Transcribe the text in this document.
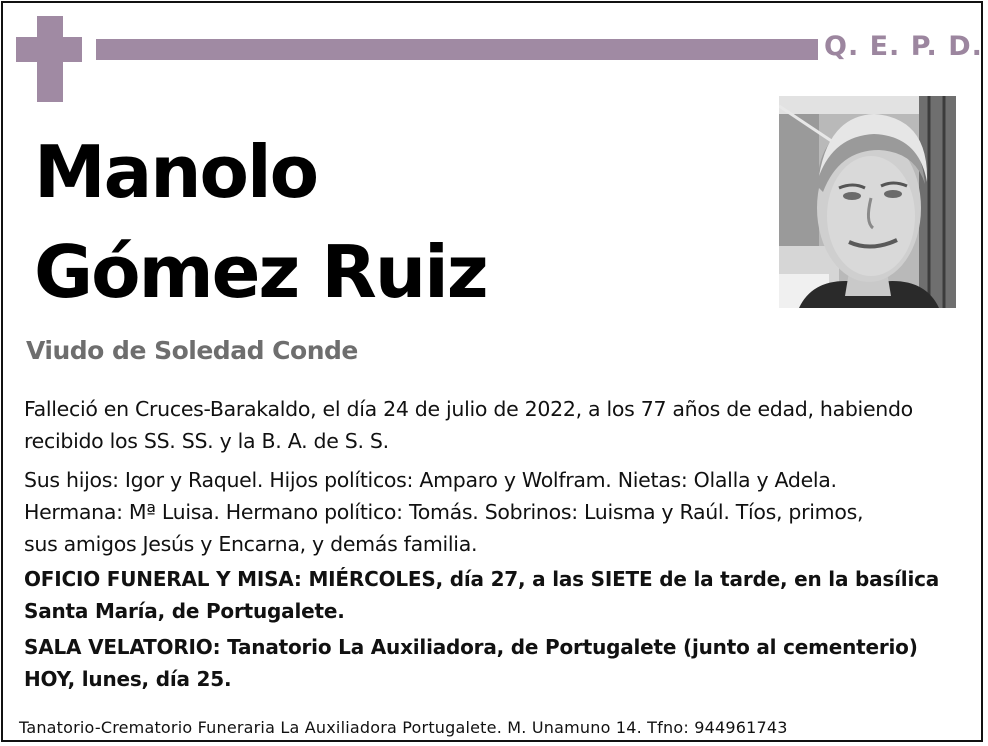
Q. E. P. D.
Manolo
Gómez Ruiz
Viudo de Soledad Conde
Falleció en Cruces-Barakaldo, el día 24 de julio de 2022, a los 77 años de edad, habiendo
recibido los SS. SS. y la B. A. de S. S.
Sus hijos: Igor y Raquel. Hijos políticos: Amparo y Wolfram. Nietas: Olalla y Adela.
Hermana: Mª Luisa. Hermano político: Tomás. Sobrinos: Luisma y Raúl. Tíos, primos,
sus amigos Jesús y Encarna, y demás familia.
OFICIO FUNERAL Y MISA: MIÉRCOLES, día 27, a las SIETE de la tarde, en la basílica
Santa María, de Portugalete.
SALA VELATORIO: Tanatorio La Auxiliadora, de Portugalete (junto al cementerio)
HOY, lunes, día 25.
Tanatorio-Crematorio Funeraria La Auxiliadora Portugalete. M. Unamuno 14. Tfno: 944961743
